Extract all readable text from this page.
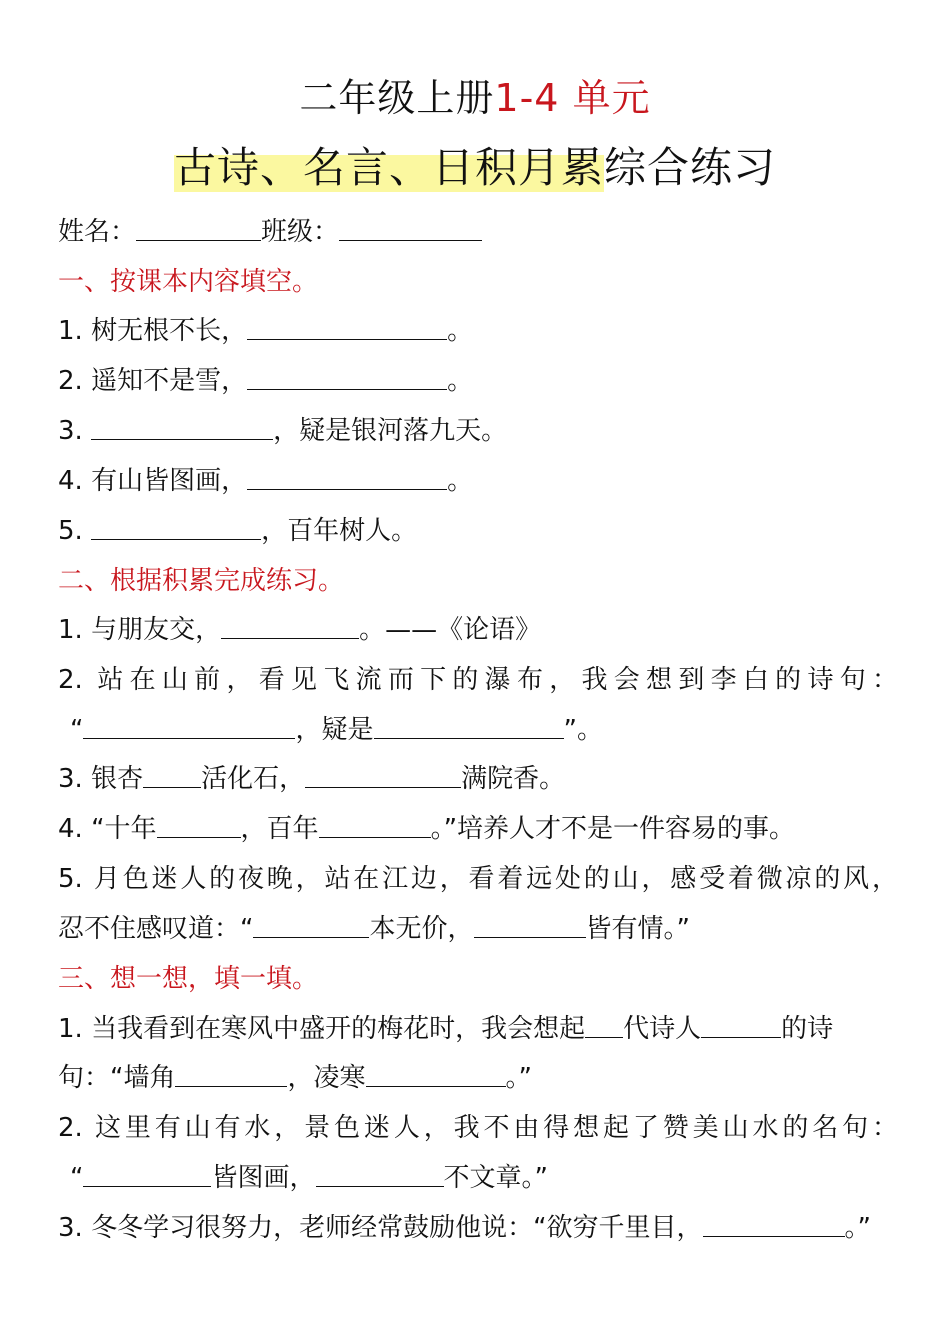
二年级上册1-4 单元
古诗、名言、日积月累综合练习
姓名：	班级：
一、按课本内容填空。
1. 树无根不长，	。
2. 遥知不是雪，	。
3.	，疑是银河落九天。
4. 有山皆图画，	。
5.	，百年树人。
二、根据积累完成练习。
1. 与朋友交，	。——《论语》
2. 站在山前，看见飞流而下的瀑布，我会想到李白的诗句：
“	，疑是	”。
3. 银杏 活化石，	满院香。
4. “十年	，百年	。”培养人才不是一件容易的事。
5. 月色迷人的夜晚，站在江边，看着远处的山，感受着微凉的风，
忍不住感叹道：“	本无价，	皆有情。”
三、想一想，填一填。
1. 当我看到在寒风中盛开的梅花时，我会想起 代诗人	的诗
句：“墙角	，凌寒	。”
2. 这里有山有水，景色迷人，我不由得想起了赞美山水的名句：
“	皆图画，	不文章。”
3. 冬冬学习很努力，老师经常鼓励他说：“欲穷千里目，	。”
